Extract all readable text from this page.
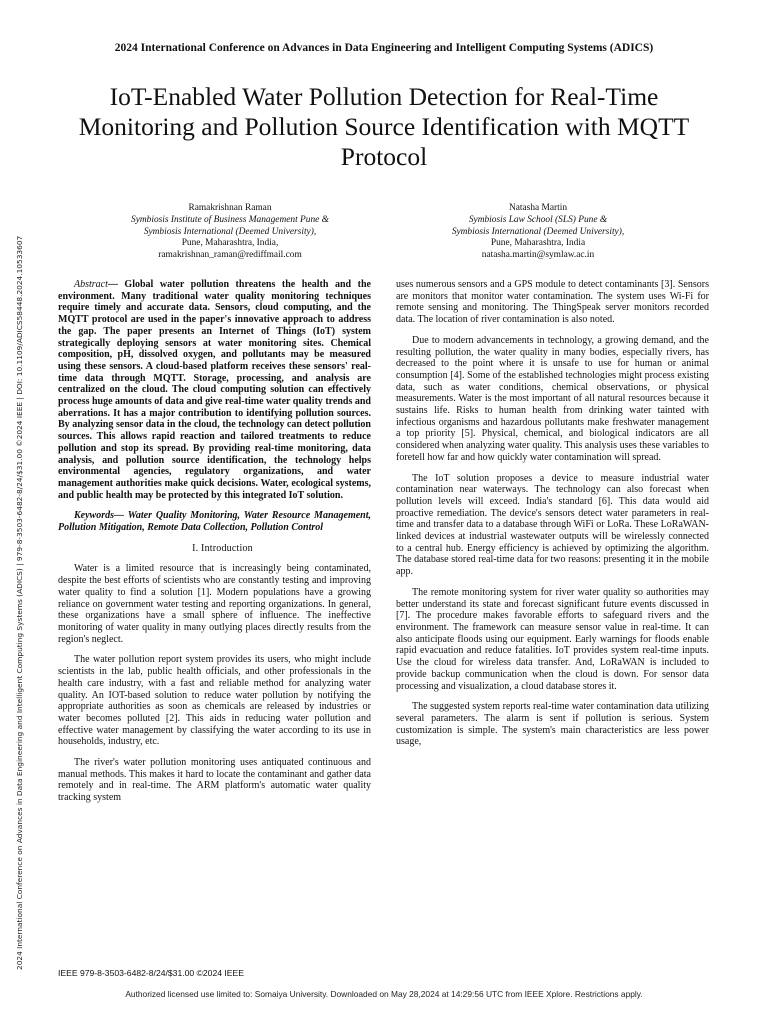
2024 International Conference on Advances in Data Engineering and Intelligent Computing Systems (ADICS)
IoT-Enabled Water Pollution Detection for Real-Time Monitoring and Pollution Source Identification with MQTT Protocol
Ramakrishnan Raman
Symbiosis Institute of Business Management Pune &
Symbiosis International (Deemed University),
Pune, Maharashtra, India,
ramakrishnan_raman@rediffmail.com
Natasha Martin
Symbiosis Law School (SLS) Pune &
Symbiosis International (Deemed University),
Pune, Maharashtra, India
natasha.martin@symlaw.ac.in

Abstract— Global water pollution threatens the health and the environment. Many traditional water quality monitoring techniques require timely and accurate data. Sensors, cloud computing, and the MQTT protocol are used in the paper's innovative approach to address the gap. The paper presents an Internet of Things (IoT) system strategically deploying sensors at water monitoring sites. Chemical composition, pH, dissolved oxygen, and pollutants may be measured using these sensors. A cloud-based platform receives these sensors' real-time data through MQTT. Storage, processing, and analysis are centralized on the cloud. The cloud computing solution can effectively process huge amounts of data and give real-time water quality trends and aberrations. It has a major contribution to identifying pollution sources. By analyzing sensor data in the cloud, the technology can detect pollution sources. This allows rapid reaction and tailored treatments to reduce pollution and stop its spread. By providing real-time monitoring, data analysis, and pollution source identification, the technology helps environmental agencies, regulatory organizations, and water management authorities make quick decisions. Water, ecological systems, and public health may be protected by this integrated IoT solution.

Keywords— Water Quality Monitoring, Water Resource Management, Pollution Mitigation, Remote Data Collection, Pollution Control

I. Introduction

Water is a limited resource that is increasingly being contaminated, despite the best efforts of scientists who are constantly testing and improving water quality to find a solution [1]. Modern populations have a growing reliance on government water testing and reporting organizations. In general, these organizations have a small sphere of influence. The ineffective monitoring of water quality in many outlying places directly results from the region's neglect.

The water pollution report system provides its users, who might include scientists in the lab, public health officials, and other professionals in the health care industry, with a fast and reliable method for analyzing water quality. An IOT-based solution to reduce water pollution by notifying the appropriate authorities as soon as chemicals are released by industries or water becomes polluted [2]. This aids in reducing water pollution and effective water management by classifying the water according to its use in households, industry, etc.

The river's water pollution monitoring uses antiquated continuous and manual methods. This makes it hard to locate the contaminant and gather data remotely and in real-time. The ARM platform's automatic water quality tracking system

uses numerous sensors and a GPS module to detect contaminants [3]. Sensors are monitors that monitor water contamination. The system uses Wi-Fi for remote sensing and monitoring. The ThingSpeak server monitors recorded data. The location of river contamination is also noted.

Due to modern advancements in technology, a growing demand, and the resulting pollution, the water quality in many bodies, especially rivers, has decreased to the point where it is unsafe to use for human or animal consumption [4]. Some of the established technologies might process existing data, such as water conditions, chemical observations, or physical measurements. Water is the most important of all natural resources because it sustains life. Risks to human health from drinking water tainted with infectious organisms and hazardous pollutants make freshwater management a top priority [5]. Physical, chemical, and biological indicators are all considered when analyzing water quality. This analysis uses these variables to foretell how far and how quickly water contamination will spread.

The IoT solution proposes a device to measure industrial water contamination near waterways. The technology can also forecast when pollution levels will exceed. India's standard [6]. This data would aid proactive remediation. The device's sensors detect water parameters in real-time and transfer data to a database through WiFi or LoRa. These LoRaWAN-linked devices at industrial wastewater outputs will be wirelessly connected to a central hub. Energy efficiency is achieved by optimizing the algorithm. The database stored real-time data for two reasons: presenting it in the mobile app.

The remote monitoring system for river water quality so authorities may better understand its state and forecast significant future events discussed in [7]. The procedure makes favorable efforts to safeguard rivers and the environment. The framework can measure sensor value in real-time. It can also anticipate floods using our equipment. Early warnings for floods enable rapid evacuation and reduce fatalities. IoT provides system real-time inputs. Use the cloud for wireless data transfer. And, LoRaWAN is included to provide backup communication when the cloud is down. For sensor data processing and visualization, a cloud database stores it.

The suggested system reports real-time water contamination data utilizing several parameters. The alarm is sent if pollution is serious. System customization is simple. The system's main characteristics are less power usage,

2024 International Conference on Advances in Data Engineering and Intelligent Computing Systems (ADICS) | 979-8-3503-6482-8/24/$31.00 ©2024 IEEE | DOI: 10.1109/ADICS58448.2024.10533607
IEEE 979-8-3503-6482-8/24/$31.00 ©2024 IEEE
Authorized licensed use limited to: Somaiya University. Downloaded on May 28,2024 at 14:29:56 UTC from IEEE Xplore. Restrictions apply.
